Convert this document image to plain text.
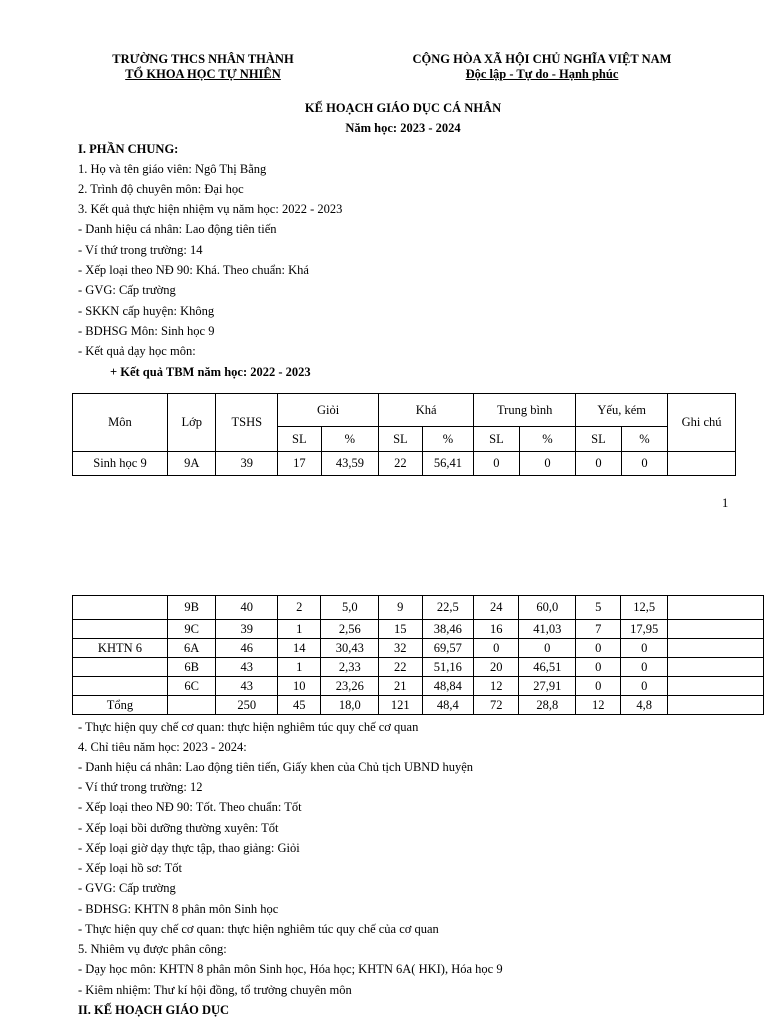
TRƯỜNG THCS NHÂN THÀNH
TỔ KHOA HỌC TỰ NHIÊN
CỘNG HÒA XÃ HỘI CHỦ NGHĨA VIỆT NAM
Độc lập - Tự do - Hạnh phúc
KẾ HOẠCH GIÁO DỤC CÁ NHÂN
Năm học: 2023 - 2024
I. PHẦN CHUNG:
1. Họ và tên giáo viên: Ngô Thị Bằng
2. Trình độ chuyên môn: Đại học
3. Kết quả thực hiện nhiệm vụ năm học: 2022 - 2023
- Danh hiệu cá nhân: Lao động tiên tiến
- Ví thứ trong trường: 14
- Xếp loại theo NĐ 90: Khá. Theo chuẩn: Khá
- GVG: Cấp trường
- SKKN cấp huyện: Không
- BDHSG Môn: Sinh học 9
- Kết quả dạy học môn:
+ Kết quả TBM năm học: 2022 - 2023
Môn	Lớp	TSHS	Giỏi		Khá		Trung bình		Yếu, kém		Ghi chú
			SL	%	SL	%	SL	%	SL	%	
Sinh học 9	9A	39	17	43,59	22	56,41	0	0	0	0	
1
	9B	40	2	5,0	9	22,5	24	60,0	5	12,5	
	9C	39	1	2,56	15	38,46	16	41,03	7	17,95	
KHTN 6	6A	46	14	30,43	32	69,57	0	0	0	0	
	6B	43	1	2,33	22	51,16	20	46,51	0	0	
	6C	43	10	23,26	21	48,84	12	27,91	0	0	
Tổng		250	45	18,0	121	48,4	72	28,8	12	4,8	
- Thực hiện quy chế cơ quan: thực hiện nghiêm túc quy chế cơ quan
4. Chỉ tiêu năm học: 2023 - 2024:
- Danh hiệu cá nhân: Lao động tiên tiến, Giấy khen của Chủ tịch UBND huyện
- Ví thứ trong trường: 12
- Xếp loại theo NĐ 90: Tốt. Theo chuẩn: Tốt
- Xếp loại bồi dưỡng thường xuyên: Tốt
- Xếp loại giờ dạy thực tập, thao giảng: Giỏi
- Xếp loại hồ sơ: Tốt
- GVG: Cấp trường
- BDHSG: KHTN 8 phân môn Sinh học
- Thực hiện quy chế cơ quan: thực hiện nghiêm túc quy chế của cơ quan
5. Nhiêm vụ được phân công:
- Dạy học môn: KHTN 8 phân môn Sinh học, Hóa học; KHTN 6A( HKI), Hóa học 9
- Kiêm nhiệm: Thư kí hội đồng, tổ trưởng chuyên môn
II. KẾ HOẠCH GIÁO DỤC
